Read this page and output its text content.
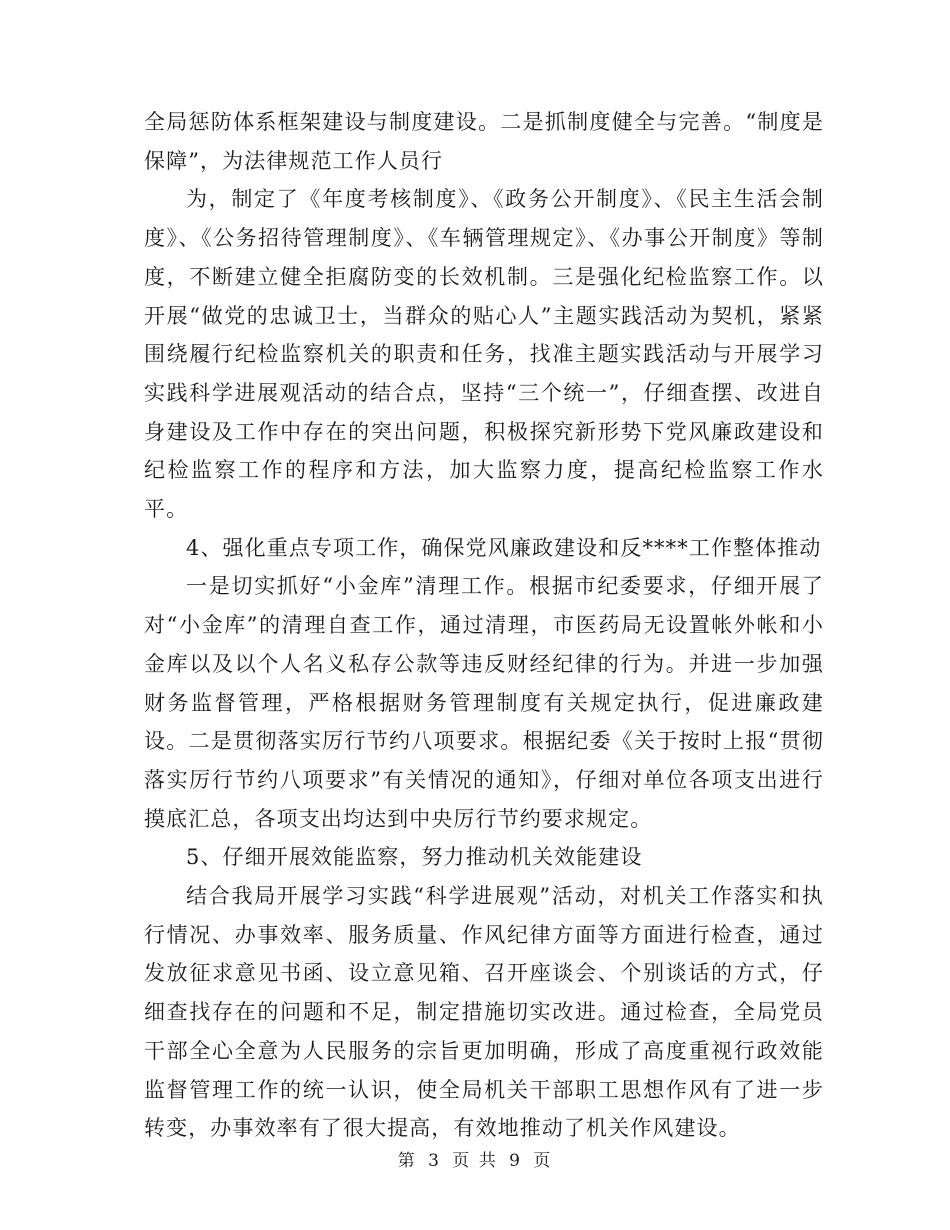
全局惩防体系框架建设与制度建设。二是抓制度健全与完善。“制度是保障”，为法律规范工作人员行

为，制定了《年度考核制度》、《政务公开制度》、《民主生活会制度》、《公务招待管理制度》、《车辆管理规定》、《办事公开制度》等制度，不断建立健全拒腐防变的长效机制。三是强化纪检监察工作。以开展“做党的忠诚卫士，当群众的贴心人”主题实践活动为契机，紧紧围绕履行纪检监察机关的职责和任务，找准主题实践活动与开展学习实践科学进展观活动的结合点，坚持“三个统一”，仔细查摆、改进自身建设及工作中存在的突出问题，积极探究新形势下党风廉政建设和纪检监察工作的程序和方法，加大监察力度，提高纪检监察工作水平。

4、强化重点专项工作，确保党风廉政建设和反****工作整体推动

一是切实抓好“小金库”清理工作。根据市纪委要求，仔细开展了对“小金库”的清理自查工作，通过清理，市医药局无设置帐外帐和小金库以及以个人名义私存公款等违反财经纪律的行为。并进一步加强财务监督管理，严格根据财务管理制度有关规定执行，促进廉政建设。二是贯彻落实厉行节约八项要求。根据纪委《关于按时上报“贯彻落实厉行节约八项要求”有关情况的通知》，仔细对单位各项支出进行摸底汇总，各项支出均达到中央厉行节约要求规定。

5、仔细开展效能监察，努力推动机关效能建设

结合我局开展学习实践“科学进展观”活动，对机关工作落实和执行情况、办事效率、服务质量、作风纪律方面等方面进行检查，通过发放征求意见书函、设立意见箱、召开座谈会、个别谈话的方式，仔细查找存在的问题和不足，制定措施切实改进。通过检查，全局党员干部全心全意为人民服务的宗旨更加明确，形成了高度重视行政效能监督管理工作的统一认识，使全局机关干部职工思想作风有了进一步转变，办事效率有了很大提高，有效地推动了机关作风建设。

第 3 页 共 9 页
